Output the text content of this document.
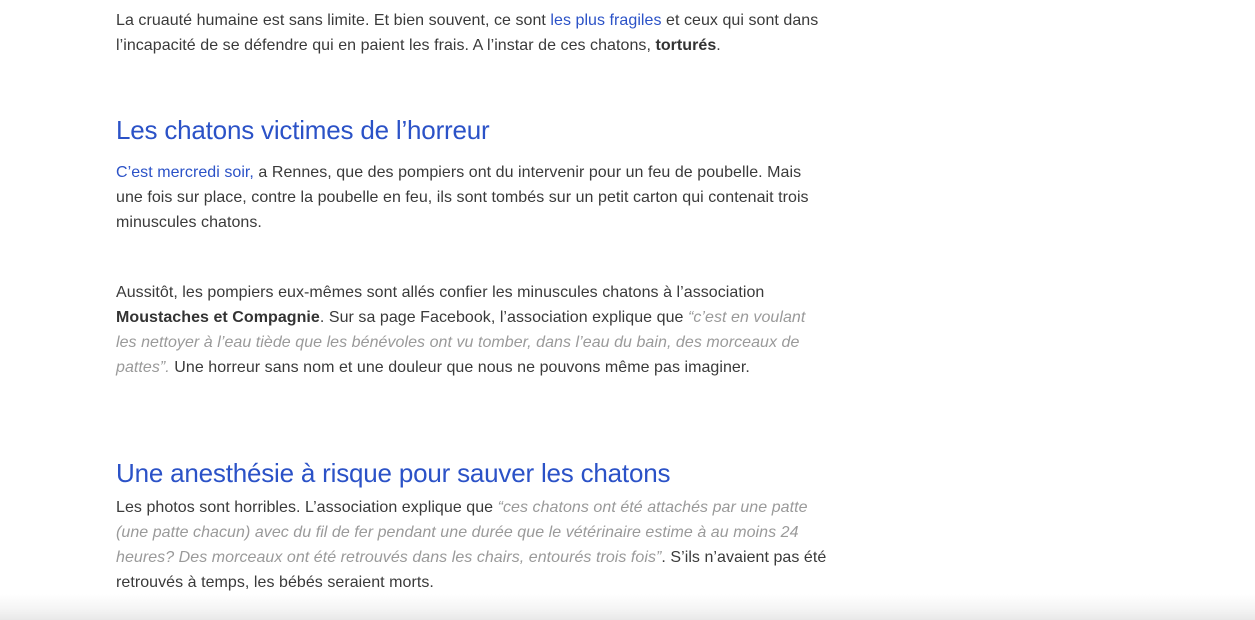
La cruauté humaine est sans limite. Et bien souvent, ce sont les plus fragiles et ceux qui sont dans l’incapacité de se défendre qui en paient les frais. A l’instar de ces chatons, torturés.

Les chatons victimes de l’horreur

C’est mercredi soir, a Rennes, que des pompiers ont du intervenir pour un feu de poubelle. Mais une fois sur place, contre la poubelle en feu, ils sont tombés sur un petit carton qui contenait trois minuscules chatons.

Aussitôt, les pompiers eux-mêmes sont allés confier les minuscules chatons à l’association Moustaches et Compagnie. Sur sa page Facebook, l’association explique que “c’est en voulant les nettoyer à l’eau tiède que les bénévoles ont vu tomber, dans l’eau du bain, des morceaux de pattes”. Une horreur sans nom et une douleur que nous ne pouvons même pas imaginer.

Une anesthésie à risque pour sauver les chatons

Les photos sont horribles. L’association explique que “ces chatons ont été attachés par une patte (une patte chacun) avec du fil de fer pendant une durée que le vétérinaire estime à au moins 24 heures? Des morceaux ont été retrouvés dans les chairs, entourés trois fois”. S’ils n’avaient pas été retrouvés à temps, les bébés seraient morts.
